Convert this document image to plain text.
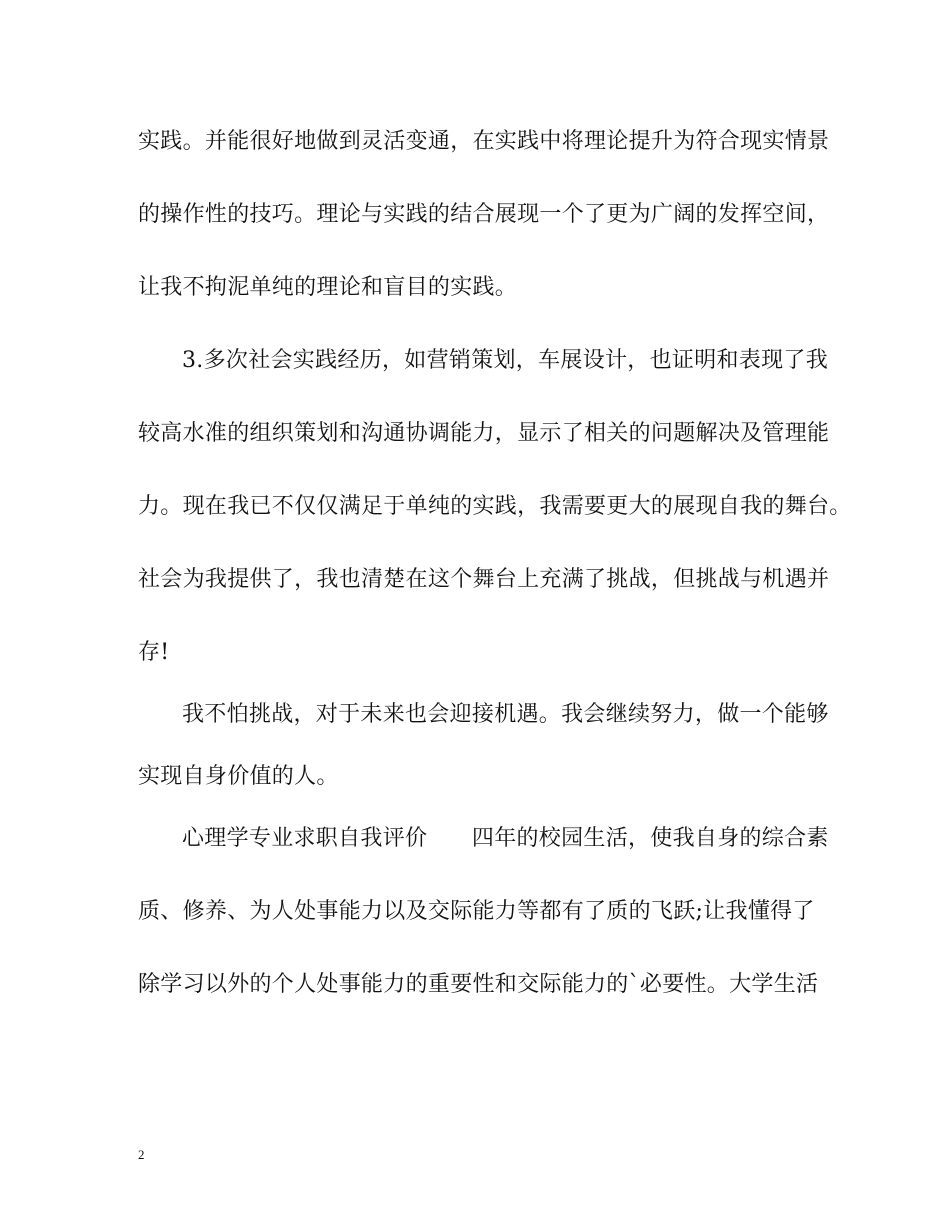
实践。并能很好地做到灵活变通，在实践中将理论提升为符合现实情景
的操作性的技巧。理论与实践的结合展现一个了更为广阔的发挥空间，
让我不拘泥单纯的理论和盲目的实践。
3.多次社会实践经历，如营销策划，车展设计，也证明和表现了我
较高水准的组织策划和沟通协调能力，显示了相关的问题解决及管理能
力。现在我已不仅仅满足于单纯的实践，我需要更大的展现自我的舞台。
社会为我提供了，我也清楚在这个舞台上充满了挑战，但挑战与机遇并
存!
我不怕挑战，对于未来也会迎接机遇。我会继续努力，做一个能够
实现自身价值的人。
心理学专业求职自我评价　　四年的校园生活，使我自身的综合素
质、修养、为人处事能力以及交际能力等都有了质的飞跃;让我懂得了
除学习以外的个人处事能力的重要性和交际能力的`必要性。大学生活
2
